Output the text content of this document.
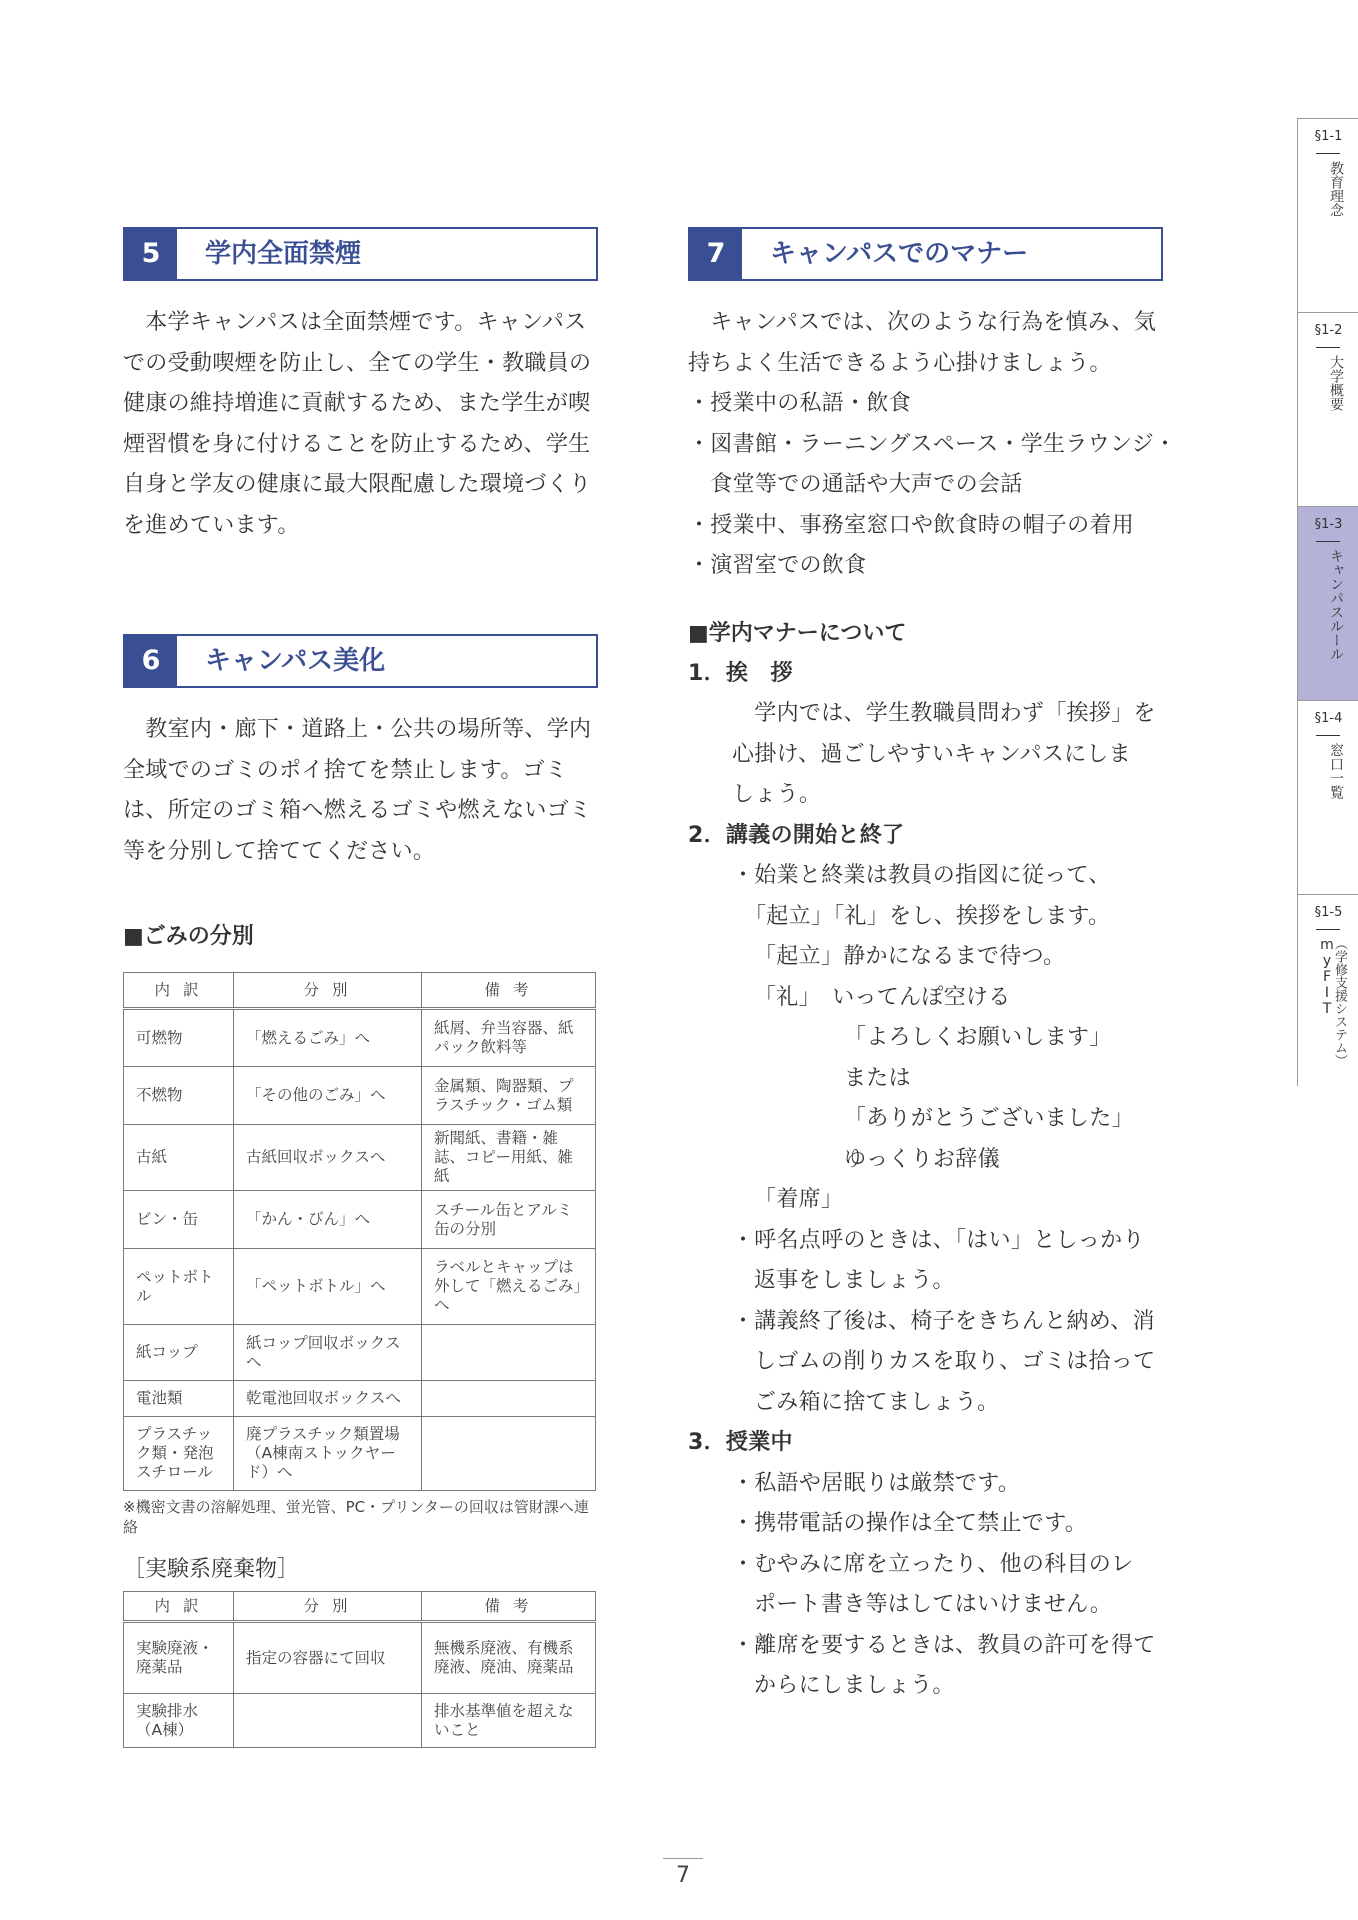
5	学内全面禁煙
　本学キャンパスは全面禁煙です。キャンパス
での受動喫煙を防止し、全ての学生・教職員の
健康の維持増進に貢献するため、また学生が喫
煙習慣を身に付けることを防止するため、学生
自身と学友の健康に最大限配慮した環境づくり
を進めています。
6	キャンパス美化
　教室内・廊下・道路上・公共の場所等、学内
全域でのゴミのポイ捨てを禁止します。ゴミ
は、所定のゴミ箱へ燃えるゴミや燃えないゴミ
等を分別して捨ててください。
■ごみの分別
内 訳	分 別	備 考
可燃物	「燃えるごみ」へ	紙屑、弁当容器、紙パック飲料等
不燃物	「その他のごみ」へ	金属類、陶器類、プラスチック・ゴム類
古紙	古紙回収ボックスへ	新聞紙、書籍・雑誌、コピー用紙、雑紙
ビン・缶	「かん・びん」へ	スチール缶とアルミ缶の分別
ペットボトル	「ペットボトル」へ	ラベルとキャップは外して「燃えるごみ」へ
紙コップ	紙コップ回収ボックスへ	
電池類	乾電池回収ボックスへ	
プラスチック類・発泡スチロール	廃プラスチック類置場（A棟南ストックヤード）へ	
※機密文書の溶解処理、蛍光管、PC・プリンターの回収は管財課へ連絡
［実験系廃棄物］
内 訳	分 別	備 考
実験廃液・廃薬品	指定の容器にて回収	無機系廃液、有機系廃液、廃油、廃薬品
実験排水（A棟）		排水基準値を超えないこと
7	キャンパスでのマナー
　キャンパスでは、次のような行為を慎み、気
持ちよく生活できるよう心掛けましょう。
・授業中の私語・飲食
・図書館・ラーニングスペース・学生ラウンジ・
　食堂等での通話や大声での会話
・授業中、事務室窓口や飲食時の帽子の着用
・演習室での飲食
■学内マナーについて
1．挨　拶
　学内では、学生教職員問わず「挨拶」を
心掛け、過ごしやすいキャンパスにしま
しょう。
2．講義の開始と終了
・始業と終業は教員の指図に従って、
「起立」「礼」をし、挨拶をします。
「起立」静かになるまで待つ。
「礼」　いってんぽ空ける
「よろしくお願いします」
または
「ありがとうございました」
ゆっくりお辞儀
「着席」
・呼名点呼のときは、「はい」としっかり
返事をしましょう。
・講義終了後は、椅子をきちんと納め、消
しゴムの削りカスを取り、ゴミは拾って
ごみ箱に捨てましょう。
3．授業中
・私語や居眠りは厳禁です。
・携帯電話の操作は全て禁止です。
・むやみに席を立ったり、他の科目のレ
ポート書き等はしてはいけません。
・離席を要するときは、教員の許可を得て
からにしましょう。
§1-1
教育理念
§1-2
大学概要
§1-3
キャンパスルール
§1-4
窓口一覧
§1-5
myFIT
（学修支援システム）
7
